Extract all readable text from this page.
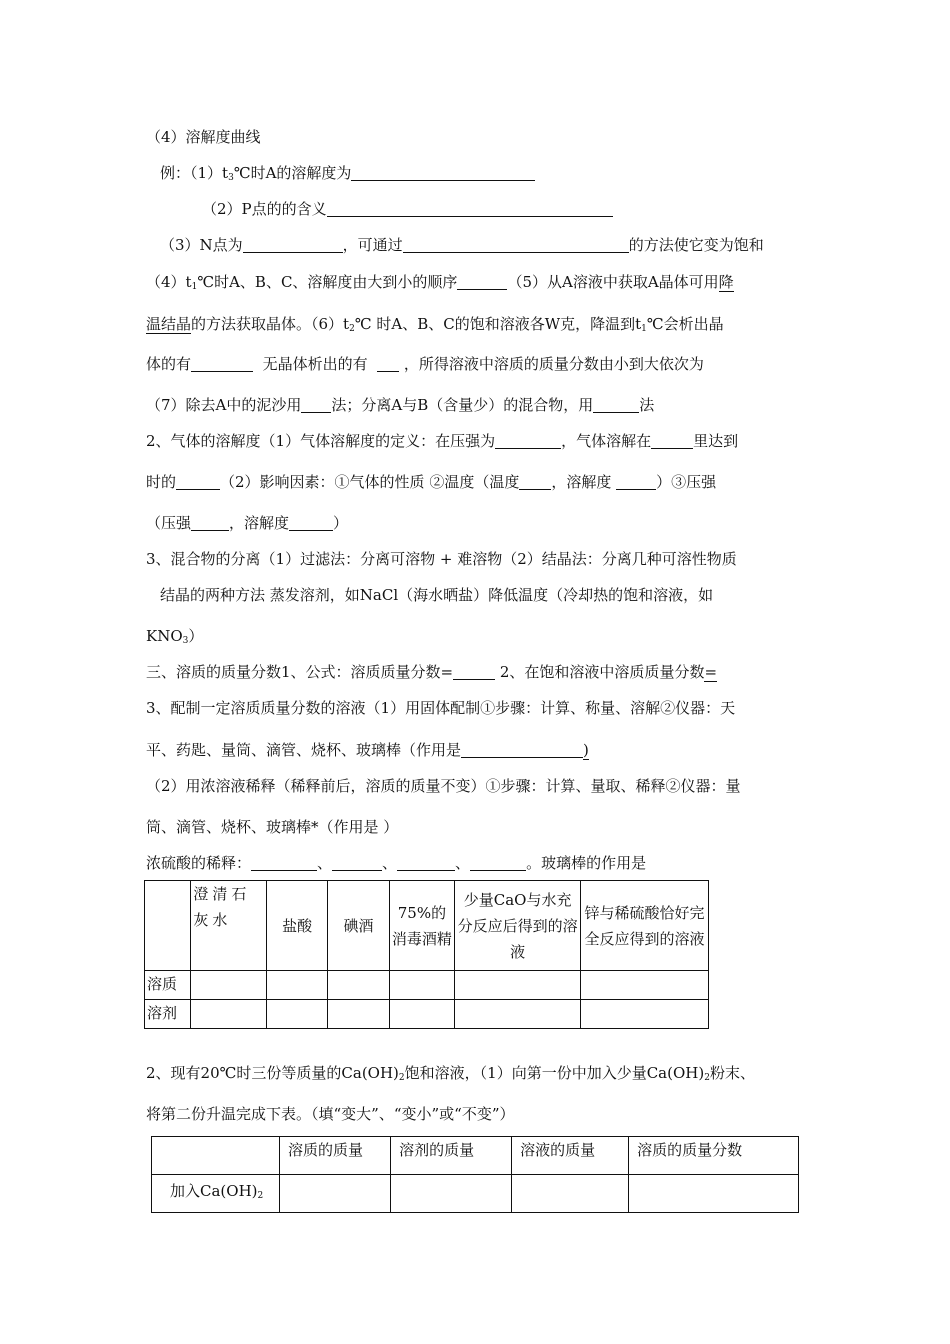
（4）溶解度曲线
例：$(1)t_3℃$时A的溶解度为
（2）P点的的含义
（3）N点为	，可通过	的方法使它变为饱和
$(4)t_1℃$时A、B、C、溶解度由大到小的顺序	（5）从A溶液中获取A晶体可用降
温结晶的方法获取晶体。$(6)t_2℃$ 时A、B、C的饱和溶液各W克，降温到$t_1℃$会析出晶
体的有	无晶体析出的有 ，所得溶液中溶质的质量分数由小到大依次为
（7）除去A中的泥沙用 法；分离A与B（含量少）的混合物，用	法
2、气体的溶解度（1）气体溶解度的定义：在压强为	，气体溶解在	里达到
时的	（2）影响因素：①气体的性质 ②温度（温度 ，溶解度	）③压强
（压强	，溶解度	）
3、混合物的分离（1）过滤法：分离可溶物 + 难溶物（2）结晶法：分离几种可溶性物质
结晶的两种方法 蒸发溶剂，如NaCl（海水晒盐）降低温度（冷却热的饱和溶液，如
$KNO_3$）
三、溶质的质量分数1、公式：溶质质量分数=	2、在饱和溶液中溶质质量分数=
3、配制一定溶质质量分数的溶液（1）用固体配制①步骤：计算、称量、溶解②仪器：天
平、药匙、量筒、滴管、烧杯、玻璃棒（作用是	)
（2）用浓溶液稀释（稀释前后，溶质的质量不变）①步骤：计算、量取、稀释②仪器：量
筒、滴管、烧杯、玻璃棒*（作用是 ）
浓硫酸的稀释：	、	、	、	。玻璃棒的作用是
	澄清石灰水	盐酸	碘酒	75%的消毒酒精	少量CaO与水充分反应后得到的溶液	锌与稀硫酸恰好完全反应得到的溶液
溶质						
溶剂						
2、现有20℃时三份等质量的$Ca(OH)_2$饱和溶液，（1）向第一份中加入少量$Ca(OH)_2$粉末、
将第二份升温完成下表。（填“变大”、“变小”或“不变”）
	溶质的质量	溶剂的质量	溶液的质量	溶质的质量分数
加入$Ca(OH)_2$				
